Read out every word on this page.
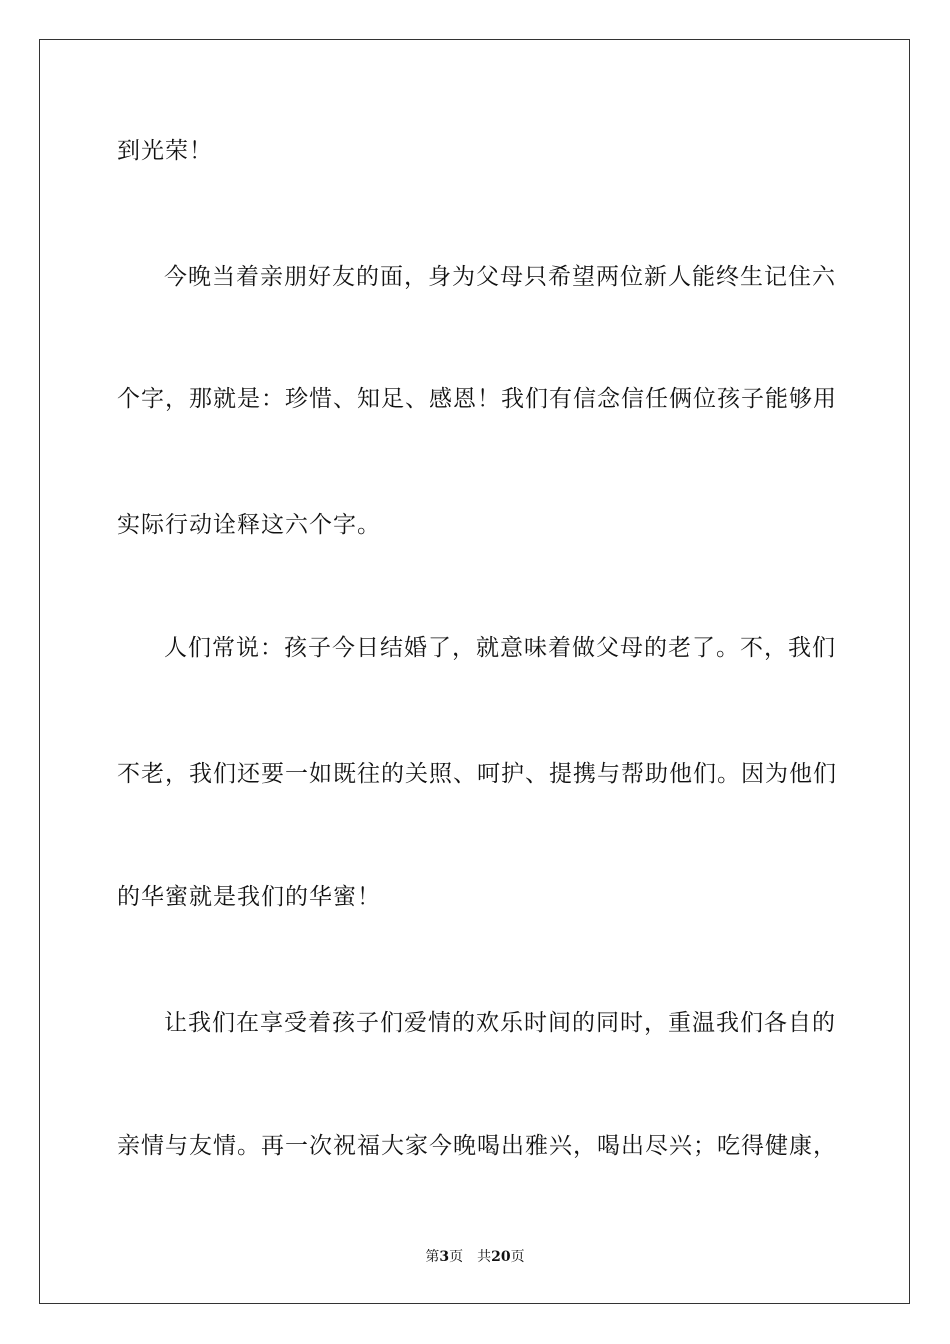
到光荣！
今晚当着亲朋好友的面，身为父母只希望两位新人能终生记住六
个字，那就是：珍惜、知足、感恩！我们有信念信任俩位孩子能够用
实际行动诠释这六个字。
人们常说：孩子今日结婚了，就意味着做父母的老了。不，我们
不老，我们还要一如既往的关照、呵护、提携与帮助他们。因为他们
的华蜜就是我们的华蜜！
让我们在享受着孩子们爱情的欢乐时间的同时，重温我们各自的
亲情与友情。再一次祝福大家今晚喝出雅兴，喝出尽兴；吃得健康，
第3页 共20页
